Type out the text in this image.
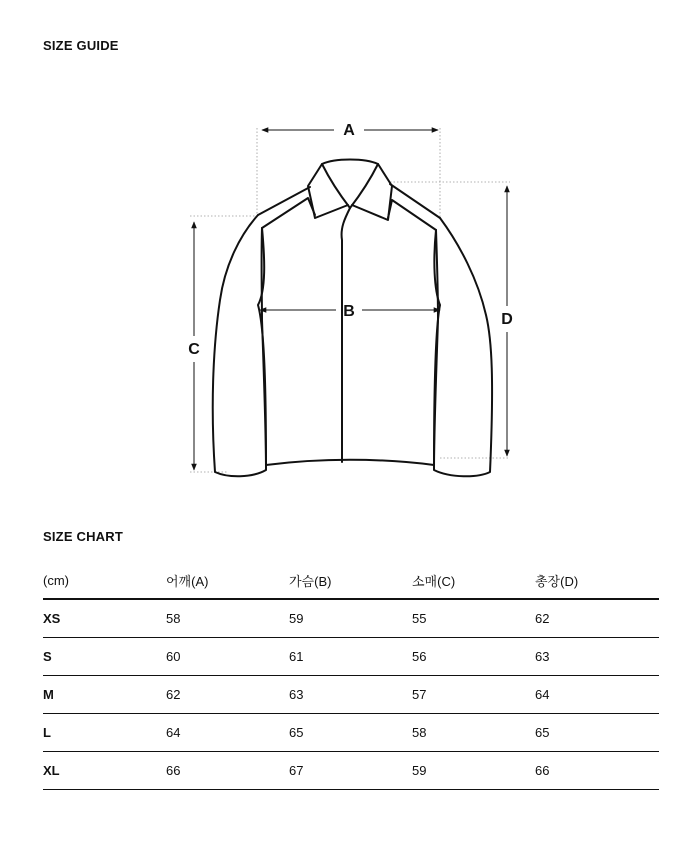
SIZE GUIDE
A
B
C
D
SIZE CHART
(cm)	어깨(A)	가슴(B)	소매(C)	총장(D)
XS	58	59	55	62
S	60	61	56	63
M	62	63	57	64
L	64	65	58	65
XL	66	67	59	66
